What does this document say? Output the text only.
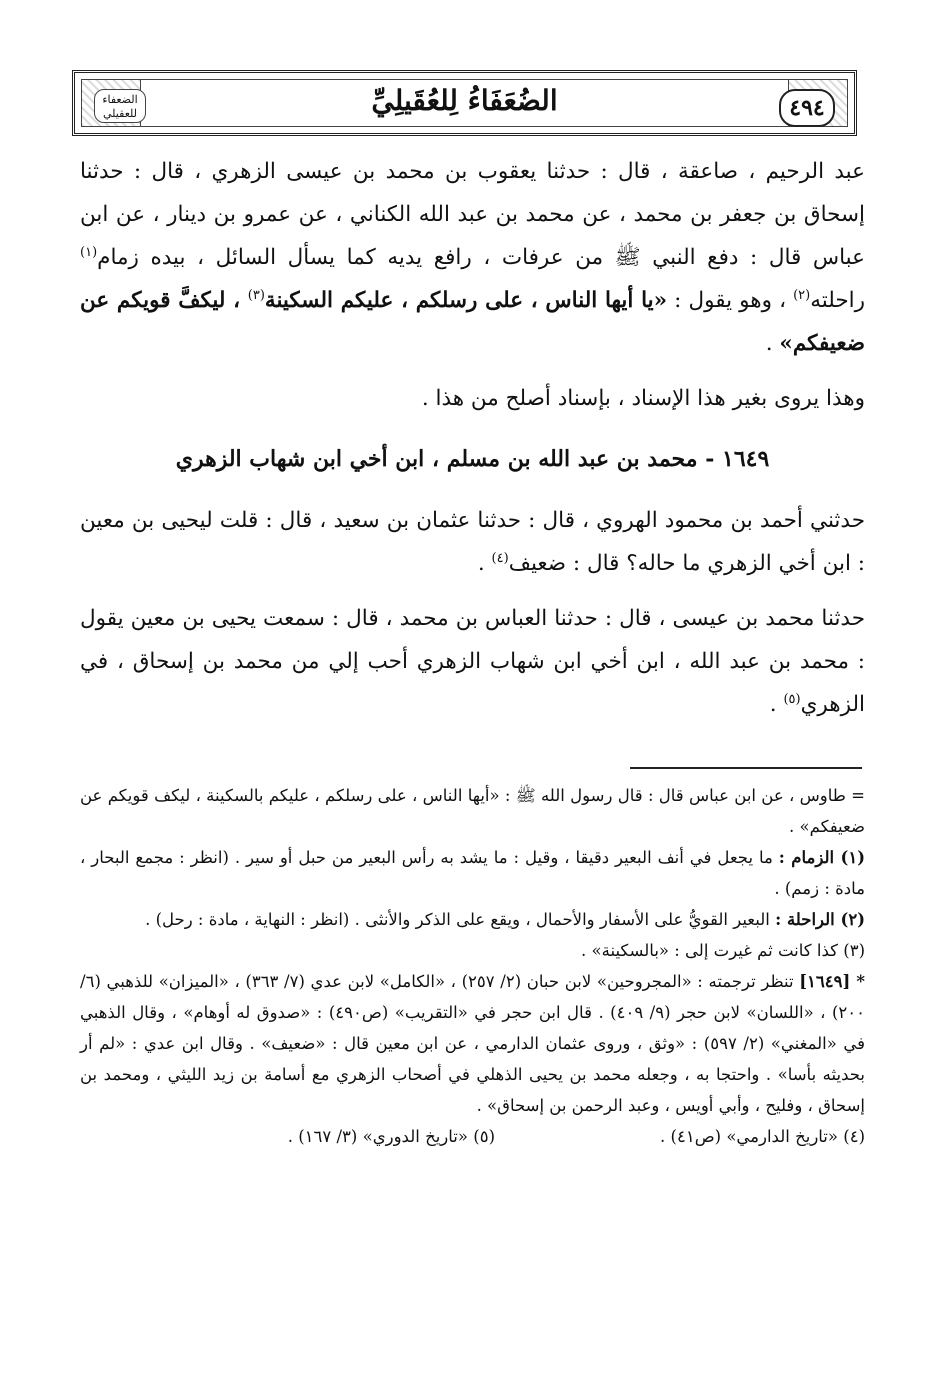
٤٩٤
الضعفاء للعقيلي	الضُعَفَاءُ لِلعُقَيلِيِّ

عبد الرحيم ، صاعقة ، قال : حدثنا يعقوب بن محمد بن عيسى الزهري ، قال : حدثنا إسحاق بن جعفر بن محمد ، عن محمد بن عبد الله الكناني ، عن عمرو بن دينار ، عن ابن عباس قال : دفع النبي ﷺ من عرفات ، رافع يديه كما يسأل السائل ، بيده زمام$^{(١)}$ راحلته$^{(٢)}$ ، وهو يقول : «يا أيها الناس ، على رسلكم ، عليكم السكينة$^{(٣)}$ ، ليكفَّ قويكم عن ضعيفكم» .

وهذا يروى بغير هذا الإسناد ، بإسناد أصلح من هذا .

١٦٤٩ - محمد بن عبد الله بن مسلم ، ابن أخي ابن شهاب الزهري

حدثني أحمد بن محمود الهروي ، قال : حدثنا عثمان بن سعيد ، قال : قلت ليحيى بن معين : ابن أخي الزهري ما حاله؟ قال : ضعيف$^{(٤)}$ .

حدثنا محمد بن عيسى ، قال : حدثنا العباس بن محمد ، قال : سمعت يحيى بن معين يقول : محمد بن عبد الله ، ابن أخي ابن شهاب الزهري أحب إلي من محمد بن إسحاق ، في الزهري$^{(٥)}$ .

= طاوس ، عن ابن عباس قال : قال رسول الله ﷺ : «أيها الناس ، على رسلكم ، عليكم بالسكينة ، ليكف قويكم عن ضعيفكم» .

(١) الزمام : ما يجعل في أنف البعير دقيقا ، وقيل : ما يشد به رأس البعير من حبل أو سير . (انظر : مجمع البحار ، مادة : زمم) .

(٢) الراحلة : البعير القويُّ على الأسفار والأحمال ، ويقع على الذكر والأنثى . (انظر : النهاية ، مادة : رحل) .

(٣) كذا كانت ثم غيرت إلى : «بالسكينة» .

* [١٦٤٩] تنظر ترجمته : «المجروحين» لابن حبان (٢/ ٢٥٧) ، «الكامل» لابن عدي (٧/ ٣٦٣) ، «الميزان» للذهبي (٦/ ٢٠٠) ، «اللسان» لابن حجر (٩/ ٤٠٩) . قال ابن حجر في «التقريب» (ص٤٩٠) : «صدوق له أوهام» ، وقال الذهبي في «المغني» (٢/ ٥٩٧) : «وثق ، وروى عثمان الدارمي ، عن ابن معين قال : «ضعيف» . وقال ابن عدي : «لم أر بحديثه بأسا» . واحتجا به ، وجعله محمد بن يحيى الذهلي في أصحاب الزهري مع أسامة بن زيد الليثي ، ومحمد بن إسحاق ، وفليح ، وأبي أويس ، وعبد الرحمن بن إسحاق» .

(٤) «تاريخ الدارمي» (ص٤١) .
(٥) «تاريخ الدوري» (٣/ ١٦٧) .
